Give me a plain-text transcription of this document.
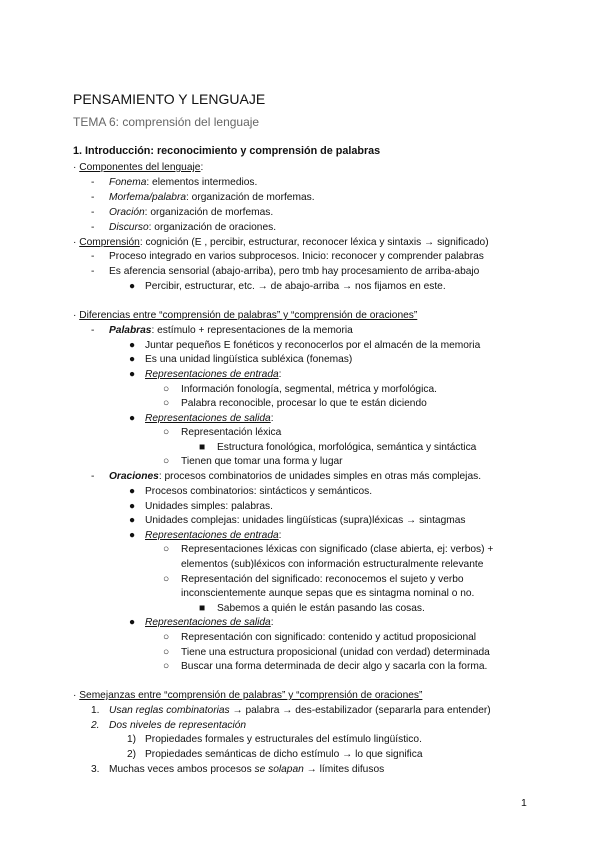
PENSAMIENTO Y LENGUAJE
TEMA 6: comprensión del lenguaje
1. Introducción: reconocimiento y comprensión de palabras
· Componentes del lenguaje:
- Fonema: elementos intermedios.
- Morfema/palabra: organización de morfemas.
- Oración: organización de morfemas.
- Discurso: organización de oraciones.
· Comprensión: cognición (E , percibir, estructurar, reconocer léxica y sintaxis → significado)
- Proceso integrado en varios subprocesos. Inicio: reconocer y comprender palabras
- Es aferencia sensorial (abajo-arriba), pero tmb hay procesamiento de arriba-abajo
● Percibir, estructurar, etc. → de abajo-arriba → nos fijamos en este.
· Diferencias entre “comprensión de palabras” y “comprensión de oraciones”
- Palabras: estímulo + representaciones de la memoria
● Juntar pequeños E fonéticos y reconocerlos por el almacén de la memoria
● Es una unidad lingüística subléxica (fonemas)
● Representaciones de entrada:
○ Información fonología, segmental, métrica y morfológica.
○ Palabra reconocible, procesar lo que te están diciendo
● Representaciones de salida:
○ Representación léxica
■ Estructura fonológica, morfológica, semántica y sintáctica
○ Tienen que tomar una forma y lugar
- Oraciones: procesos combinatorios de unidades simples en otras más complejas.
● Procesos combinatorios: sintácticos y semánticos.
● Unidades simples: palabras.
● Unidades complejas: unidades lingüísticas (supra)léxicas → sintagmas
● Representaciones de entrada:
○ Representaciones léxicas con significado (clase abierta, ej: verbos) +
elementos (sub)léxicos con información estructuralmente relevante
○ Representación del significado: reconocemos el sujeto y verbo
inconscientemente aunque sepas que es sintagma nominal o no.
■ Sabemos a quién le están pasando las cosas.
● Representaciones de salida:
○ Representación con significado: contenido y actitud proposicional
○ Tiene una estructura proposicional (unidad con verdad) determinada
○ Buscar una forma determinada de decir algo y sacarla con la forma.
· Semejanzas entre “comprensión de palabras” y “comprensión de oraciones”
1. Usan reglas combinatorias → palabra → des-estabilizador (separarla para entender)
2. Dos niveles de representación
1) Propiedades formales y estructurales del estímulo lingüístico.
2) Propiedades semánticas de dicho estímulo → lo que significa
3. Muchas veces ambos procesos se solapan → límites difusos
1
